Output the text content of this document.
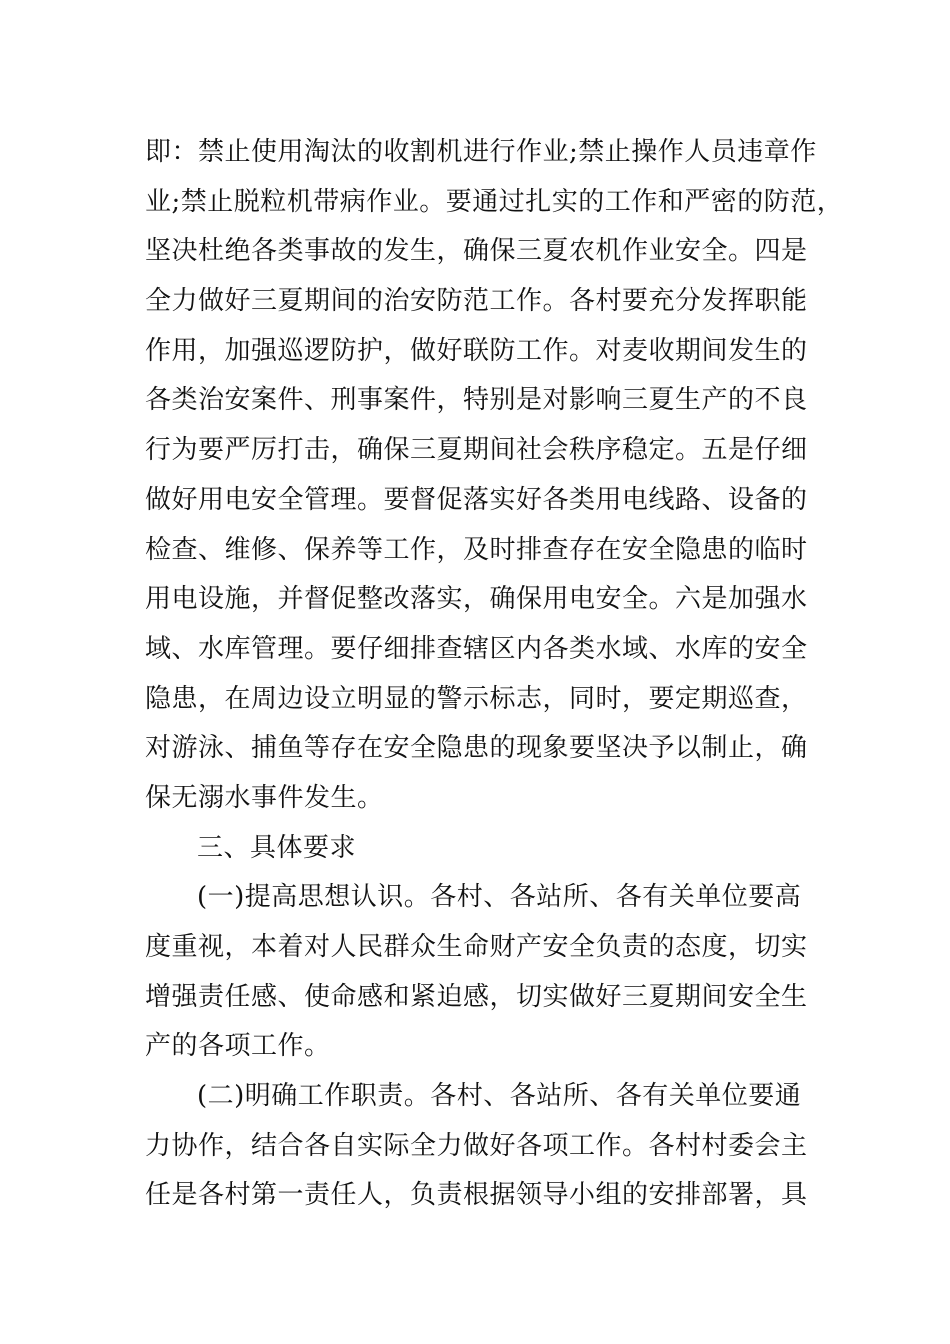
即：禁止使用淘汰的收割机进行作业;禁止操作人员违章作
业;禁止脱粒机带病作业。要通过扎实的工作和严密的防范，
坚决杜绝各类事故的发生，确保三夏农机作业安全。四是
全力做好三夏期间的治安防范工作。各村要充分发挥职能
作用，加强巡逻防护，做好联防工作。对麦收期间发生的
各类治安案件、刑事案件，特别是对影响三夏生产的不良
行为要严厉打击，确保三夏期间社会秩序稳定。五是仔细
做好用电安全管理。要督促落实好各类用电线路、设备的
检查、维修、保养等工作，及时排查存在安全隐患的临时
用电设施，并督促整改落实，确保用电安全。六是加强水
域、水库管理。要仔细排查辖区内各类水域、水库的安全
隐患，在周边设立明显的警示标志，同时，要定期巡查，
对游泳、捕鱼等存在安全隐患的现象要坚决予以制止，确
保无溺水事件发生。
三、具体要求
(一)提高思想认识。各村、各站所、各有关单位要高
度重视，本着对人民群众生命财产安全负责的态度，切实
增强责任感、使命感和紧迫感，切实做好三夏期间安全生
产的各项工作。
(二)明确工作职责。各村、各站所、各有关单位要通
力协作，结合各自实际全力做好各项工作。各村村委会主
任是各村第一责任人，负责根据领导小组的安排部署，具
